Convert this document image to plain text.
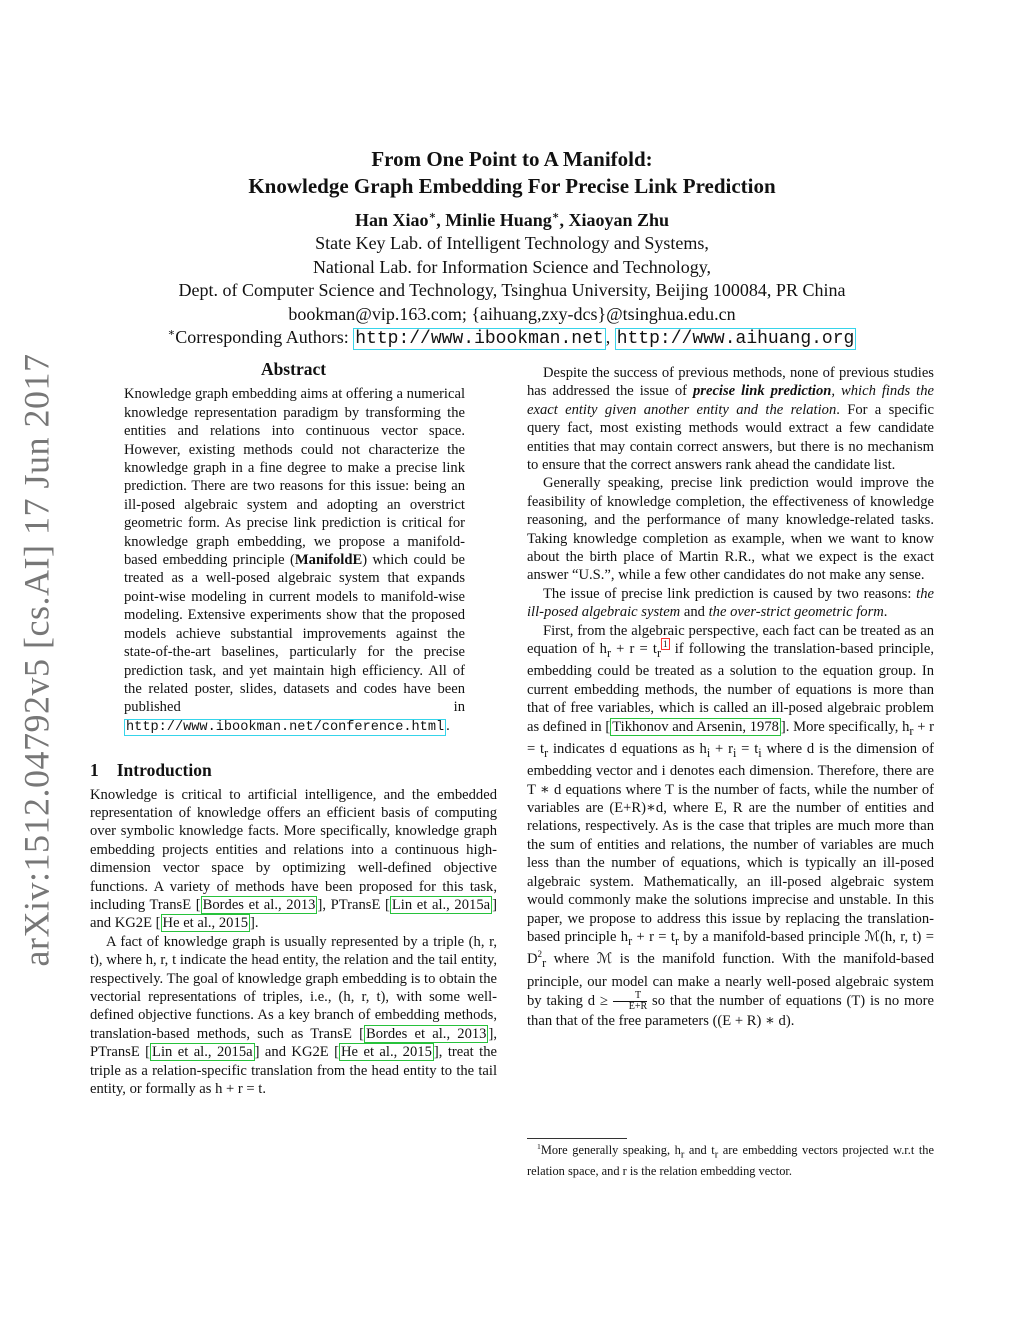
arXiv:1512.04792v5 [cs.AI] 17 Jun 2017
From One Point to A Manifold:
Knowledge Graph Embedding For Precise Link Prediction
Han Xiao∗, Minlie Huang∗, Xiaoyan Zhu
State Key Lab. of Intelligent Technology and Systems,
National Lab. for Information Science and Technology,
Dept. of Computer Science and Technology, Tsinghua University, Beijing 100084, PR China
bookman@vip.163.com; {aihuang,zxy-dcs}@tsinghua.edu.cn
∗Corresponding Authors: http://www.ibookman.net , http://www.aihuang.org
Abstract
Knowledge graph embedding aims at offering a numerical knowledge representation paradigm by transforming the entities and relations into continuous vector space. However, existing methods could not characterize the knowledge graph in a fine degree to make a precise link prediction. There are two reasons for this issue: being an ill-posed algebraic system and adopting an overstrict geometric form. As precise link prediction is critical for knowledge graph embedding, we propose a manifold-based embedding principle (ManifoldE) which could be treated as a well-posed algebraic system that expands point-wise modeling in current models to manifold-wise modeling. Extensive experiments show that the proposed models achieve substantial improvements against the state-of-the-art baselines, particularly for the precise prediction task, and yet maintain high efficiency. All of the related poster, slides, datasets and codes have been published in http://www.ibookman.net/conference.html .
1 Introduction

Knowledge is critical to artificial intelligence, and the embedded representation of knowledge offers an efficient basis of computing over symbolic knowledge facts. More specifically, knowledge graph embedding projects entities and relations into a continuous high-dimension vector space by optimizing well-defined objective functions. A variety of methods have been proposed for this task, including TransE [ Bordes et al., 2013 ], PTransE [ Lin et al., 2015a ] and KG2E [ He et al., 2015 ].

A fact of knowledge graph is usually represented by a triple (h, r, t), where h, r, t indicate the head entity, the relation and the tail entity, respectively. The goal of knowledge graph embedding is to obtain the vectorial representations of triples, i.e., (h, r, t), with some well-defined objective functions. As a key branch of embedding methods, translation-based methods, such as TransE [ Bordes et al., 2013 ], PTransE [ Lin et al., 2015a ] and KG2E [ He et al., 2015 ], treat the triple as a relation-specific translation from the head entity to the tail entity, or formally as h + r = t.

Despite the success of previous methods, none of previous studies has addressed the issue of precise link prediction, which finds the exact entity given another entity and the relation. For a specific query fact, most existing methods would extract a few candidate entities that may contain correct answers, but there is no mechanism to ensure that the correct answers rank ahead the candidate list.

Generally speaking, precise link prediction would improve the feasibility of knowledge completion, the effectiveness of knowledge reasoning, and the performance of many knowledge-related tasks. Taking knowledge completion as example, when we want to know about the birth place of Martin R.R., what we expect is the exact answer “U.S.”, while a few other candidates do not make any sense.

The issue of precise link prediction is caused by two reasons: the ill-posed algebraic system and the over-strict geometric form.

First, from the algebraic perspective, each fact can be treated as an equation of $h_r + r = t_r^1$ if following the translation-based principle, embedding could be treated as a solution to the equation group. In current embedding methods, the number of equations is more than that of free variables, which is called an ill-posed algebraic problem as defined in [ Tikhonov and Arsenin, 1978 ]. More specifically, $h_r + r = t_r$ indicates d equations as $h_i + r_i = t_i$ where d is the dimension of embedding vector and i denotes each dimension. Therefore, there are T ∗ d equations where T is the number of facts, while the number of variables are (E+R)∗d, where E, R are the number of entities and relations, respectively. As is the case that triples are much more than the sum of entities and relations, the number of variables are much less than the number of equations, which is typically an ill-posed algebraic system. Mathematically, an ill-posed algebraic system would commonly make the solutions imprecise and unstable. In this paper, we propose to address this issue by replacing the translation-based principle $h_r + r = t_r$ by a manifold-based principle ℳ(h, r, $t) = D^2_r$ where ℳ is the manifold function. With the manifold-based principle, our model can make a nearly well-posed algebraic system by taking $d \ge \frac{T}{E+R}$ so that the number of equations (T) is no more than that of the free parameters ((E + R) ∗ d).

$^1$More generally speaking, $h_r$ and $t_r$ are embedding vectors projected w.r.t the relation space, and r is the relation embedding vector.
